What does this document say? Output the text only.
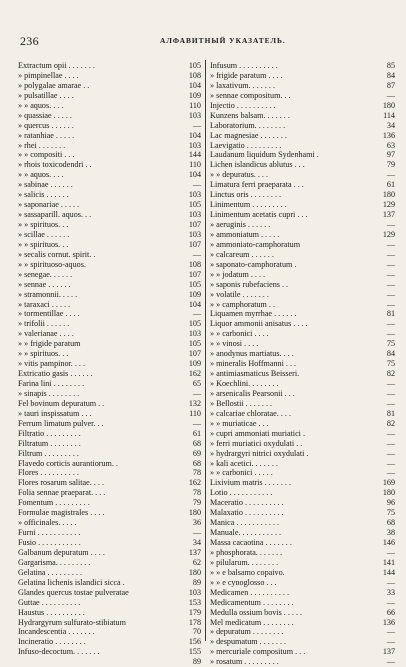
236	АЛФАВИТНЫЙ УКАЗАТЕЛЬ.
Extractum opii . . . . . . .	105
» pimpinellae . . . .	108
» polygalae amarae . .	104
» pulsatillae . . . .	109
» » aquos. . . .	110
» quassiae . . . . .	103
» quercus . . . . . .	—
» ratanhiae . . . . .	104
» rhei . . . . . . .	103
» » compositi . . .	144
» rhois toxicodendri . .	110
» » aquos. . . .	104
» sabinae . . . . . .	—
» salicis . . . . . .	103
» saponariae . . . . .	105
» sassaparill. aquos. . .	103
» » spirituos. . .	107
» scillae . . . . . .	103
» » spirituos. . .	107
» secalis cornut. spirit. .	—
» » spirituoso-aquos.	108
» senegae. . . . . .	107
» sennae . . . . . .	105
» stramonnii. . . . .	109
» taraxaci . . . . .	104
» tormentillae . . . .	—
» trifolii . . . . . .	105
» valerianae . . . .	103
» » frigide paratum	105
» » spirituos. . .	107
» vitis pampinor. . . .	109
Extricatio gasis . . . . . .	162
Farina lini . . . . . . . .	65
» sinapis . . . . . . . .	—
Fel bovinum depuratum . .	132
» tauri inspissatum . . .	110
Ferrum limatum pulver. . .	—
Filtratio . . . . . . . . .	61
Filtratum . . . . . . . .	68
Filtrum . . . . . . . . .	69
Flavedo corticis aurantiorum. .	68
Flores . . . . . . . . . .	78
Flores rosarum salitae. . . .	162
Folia sennae praeparat. . . .	78
Fomentum . . . . . . . . .	79
Formulae magistrales . . . .	180
» officinales. . . . .	36
Furni . . . . . . . . . . .	—
Fusio . . . . . . . . . . .	34
Galbanum depuratum . . . .	137
Gargarisma. . . . . . . . .	62
Gelatina . . . . . . . . .	180
Gelatina lichenis islandici sicca .	89
Glandes quercus tostae pulveratae	103
Guttae . . . . . . . . . .	153
Haustus . . . . . . . . . .	179
Hydrargyrum sulfurato-stibiatum	178
Incandescentia . . . . . . .	70
Incineratio . . . . . . . .	156
Infuso-decoctum. . . . . . .	155
89
Infusum . . . . . . . . . .	85
» frigide paratum . . . .	84
» laxativum. . . . . . .	87
» sennae compositum. . .	—
Injectio . . . . . . . . . .	180
Kunzens balsam. . . . . . .	114
Laboratorium. . . . . . . .	34
Lac magnesiae . . . . . . .	136
Laevigatio . . . . . . . . .	63
Laudanum liquidum Sydenhami .	97
Lichen islandicus ablutus . . .	79
» » depuratus. . . .	—
Limatura ferri praeparata . . .	61
Linctus oris . . . . . . . .	180
Linimentum . . . . . . . . .	129
Linimentum acetatis cupri . . .	137
» aeruginis . . . . . .	—
» ammoniatum . . . . .	129
» ammoniato-camphoratum	—
» calcareum . . . . . .	—
» saponato-camphoratum .	—
» » jodatum . . . .	—
» saponis rubefaciens . .	—
» volatile . . . . . . .	—
» » camphoratum . .	—
Liquamen myrrhae . . . . . .	81
Liquor ammonii anisatus . . . .	—
» » carbonici . . . .	—
» » vinosi . . . .	75
» anodynus martiatus. . . .	84
» mineralis Hoffmanni . . .	75
» antimiasmaticus Beisseri.	82
» Koechlini. . . . . . . .	—
» arsenicalis Pearsonii . . .	—
» Bellostii . . . . . . .	—
» calcariae chloratae. . . .	81
» » muriaticae . . .	82
» cupri ammoniati muriatici .	—
» ferri muriatici oxydulati . .	—
» hydrargyri nitrici oxydulati .	—
» kali acetici. . . . . . .	—
» » carbonici . . . . .	—
Lixivium matris . . . . . . .	169
Lotio . . . . . . . . . . .	180
Maceratio . . . . . . . . . .	96
Malaxatio . . . . . . . . . .	75
Manica . . . . . . . . . . .	68
Manuale. . . . . . . . . . .	38
Massa cacaotina . . . . . . .	146
» phosphorata. . . . . . .	—
» pilularum. . . . . . . .	141
» » e balsamo copaivo.	144
» » e cynoglosso . . .	—
Medicamen . . . . . . . . . .	33
Medicamentum . . . . . . . .	—
Medulla ossium bovis . . . . .	66
Mel medicatum . . . . . . . .	136
» depuratum . . . . . . . .	—
» despumatum . . . . . . .	—
» mercuriale compositum . . .	137
» rosatum . . . . . . . . .	—
